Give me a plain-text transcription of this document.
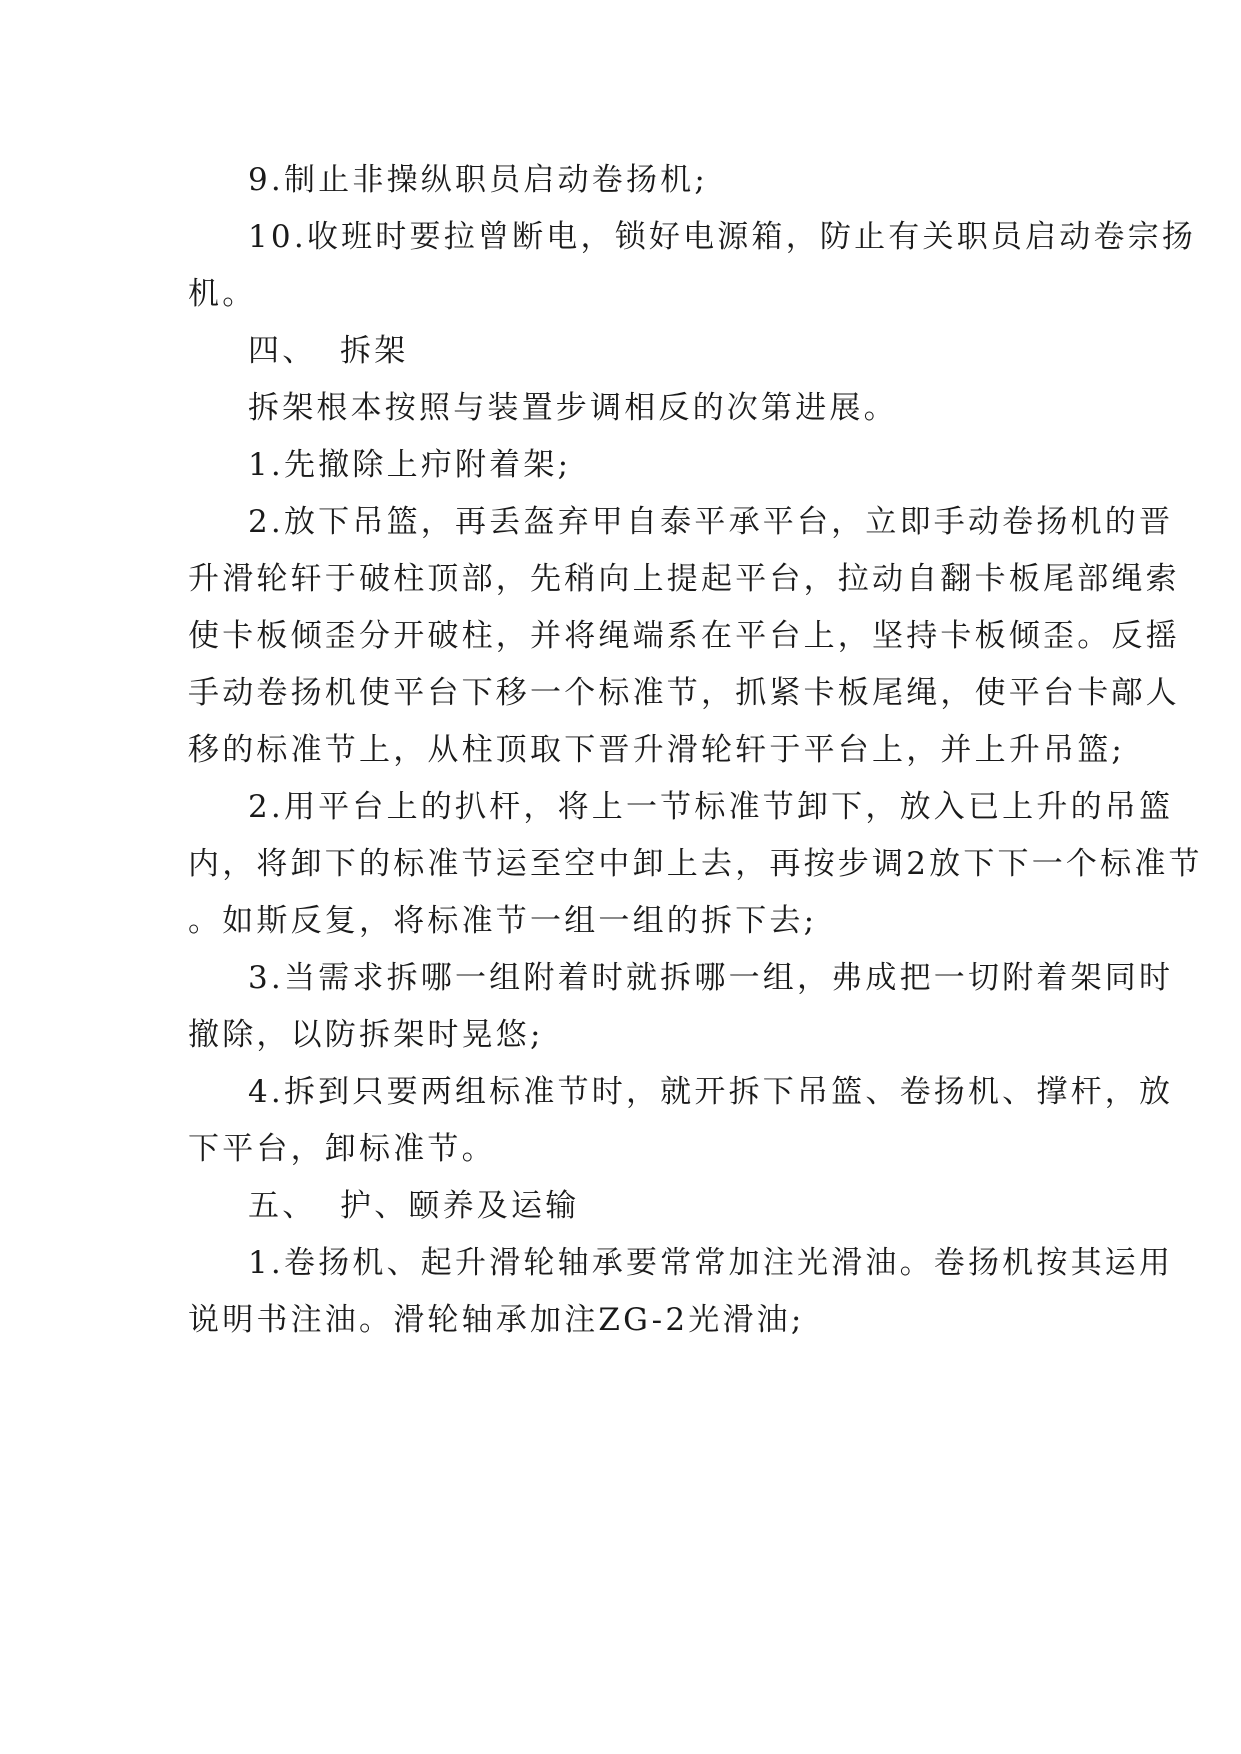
9.制止非操纵职员启动卷扬机;
10.收班时要拉曾断电，锁好电源箱，防止有关职员启动卷宗扬
机。
四、 拆架
拆架根本按照与装置步调相反的次第进展。
1.先撤除上疖附着架;
2.放下吊篮，再丢盔弃甲自泰平承平台，立即手动卷扬机的晋
升滑轮轩于破柱顶部，先稍向上提起平台，拉动自翻卡板尾部绳索
使卡板倾歪分开破柱，并将绳端系在平台上，坚持卡板倾歪。反摇
手动卷扬机使平台下移一个标准节，抓紧卡板尾绳，使平台卡鄗人
移的标准节上，从柱顶取下晋升滑轮轩于平台上，并上升吊篮;
2.用平台上的扒杆，将上一节标准节卸下，放入已上升的吊篮
内，将卸下的标准节运至空中卸上去，再按步调2放下下一个标准节
。如斯反复，将标准节一组一组的拆下去;
3.当需求拆哪一组附着时就拆哪一组，弗成把一切附着架同时
撤除，以防拆架时晃悠;
4.拆到只要两组标准节时，就开拆下吊篮、卷扬机、撑杆，放
下平台，卸标准节。
五、 护、颐养及运输
1.卷扬机、起升滑轮轴承要常常加注光滑油。卷扬机按其运用
说明书注油。滑轮轴承加注ZG-2光滑油;
